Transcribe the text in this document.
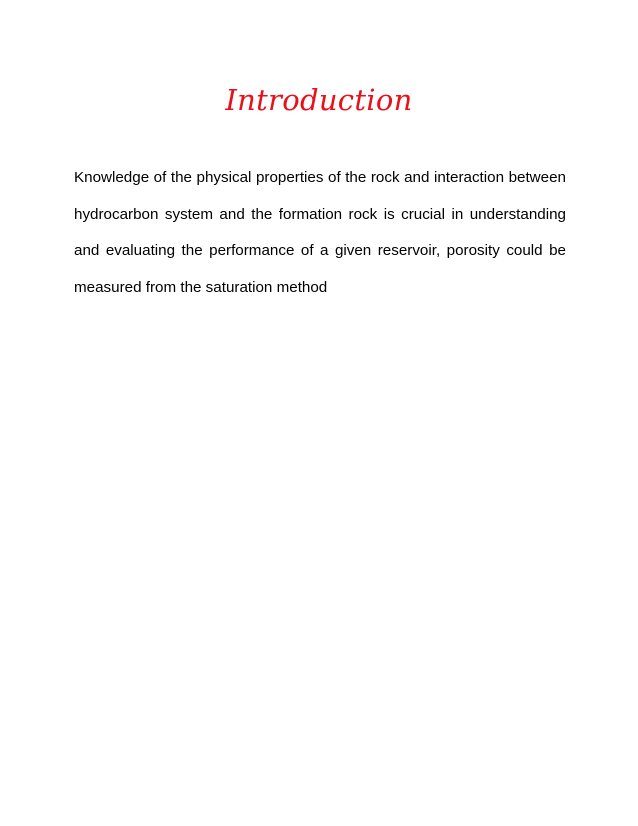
Introduction

Knowledge of the physical properties of the rock and interaction between hydrocarbon system and the formation rock is crucial in understanding and evaluating the performance of a given reservoir, porosity could be measured from the saturation method
